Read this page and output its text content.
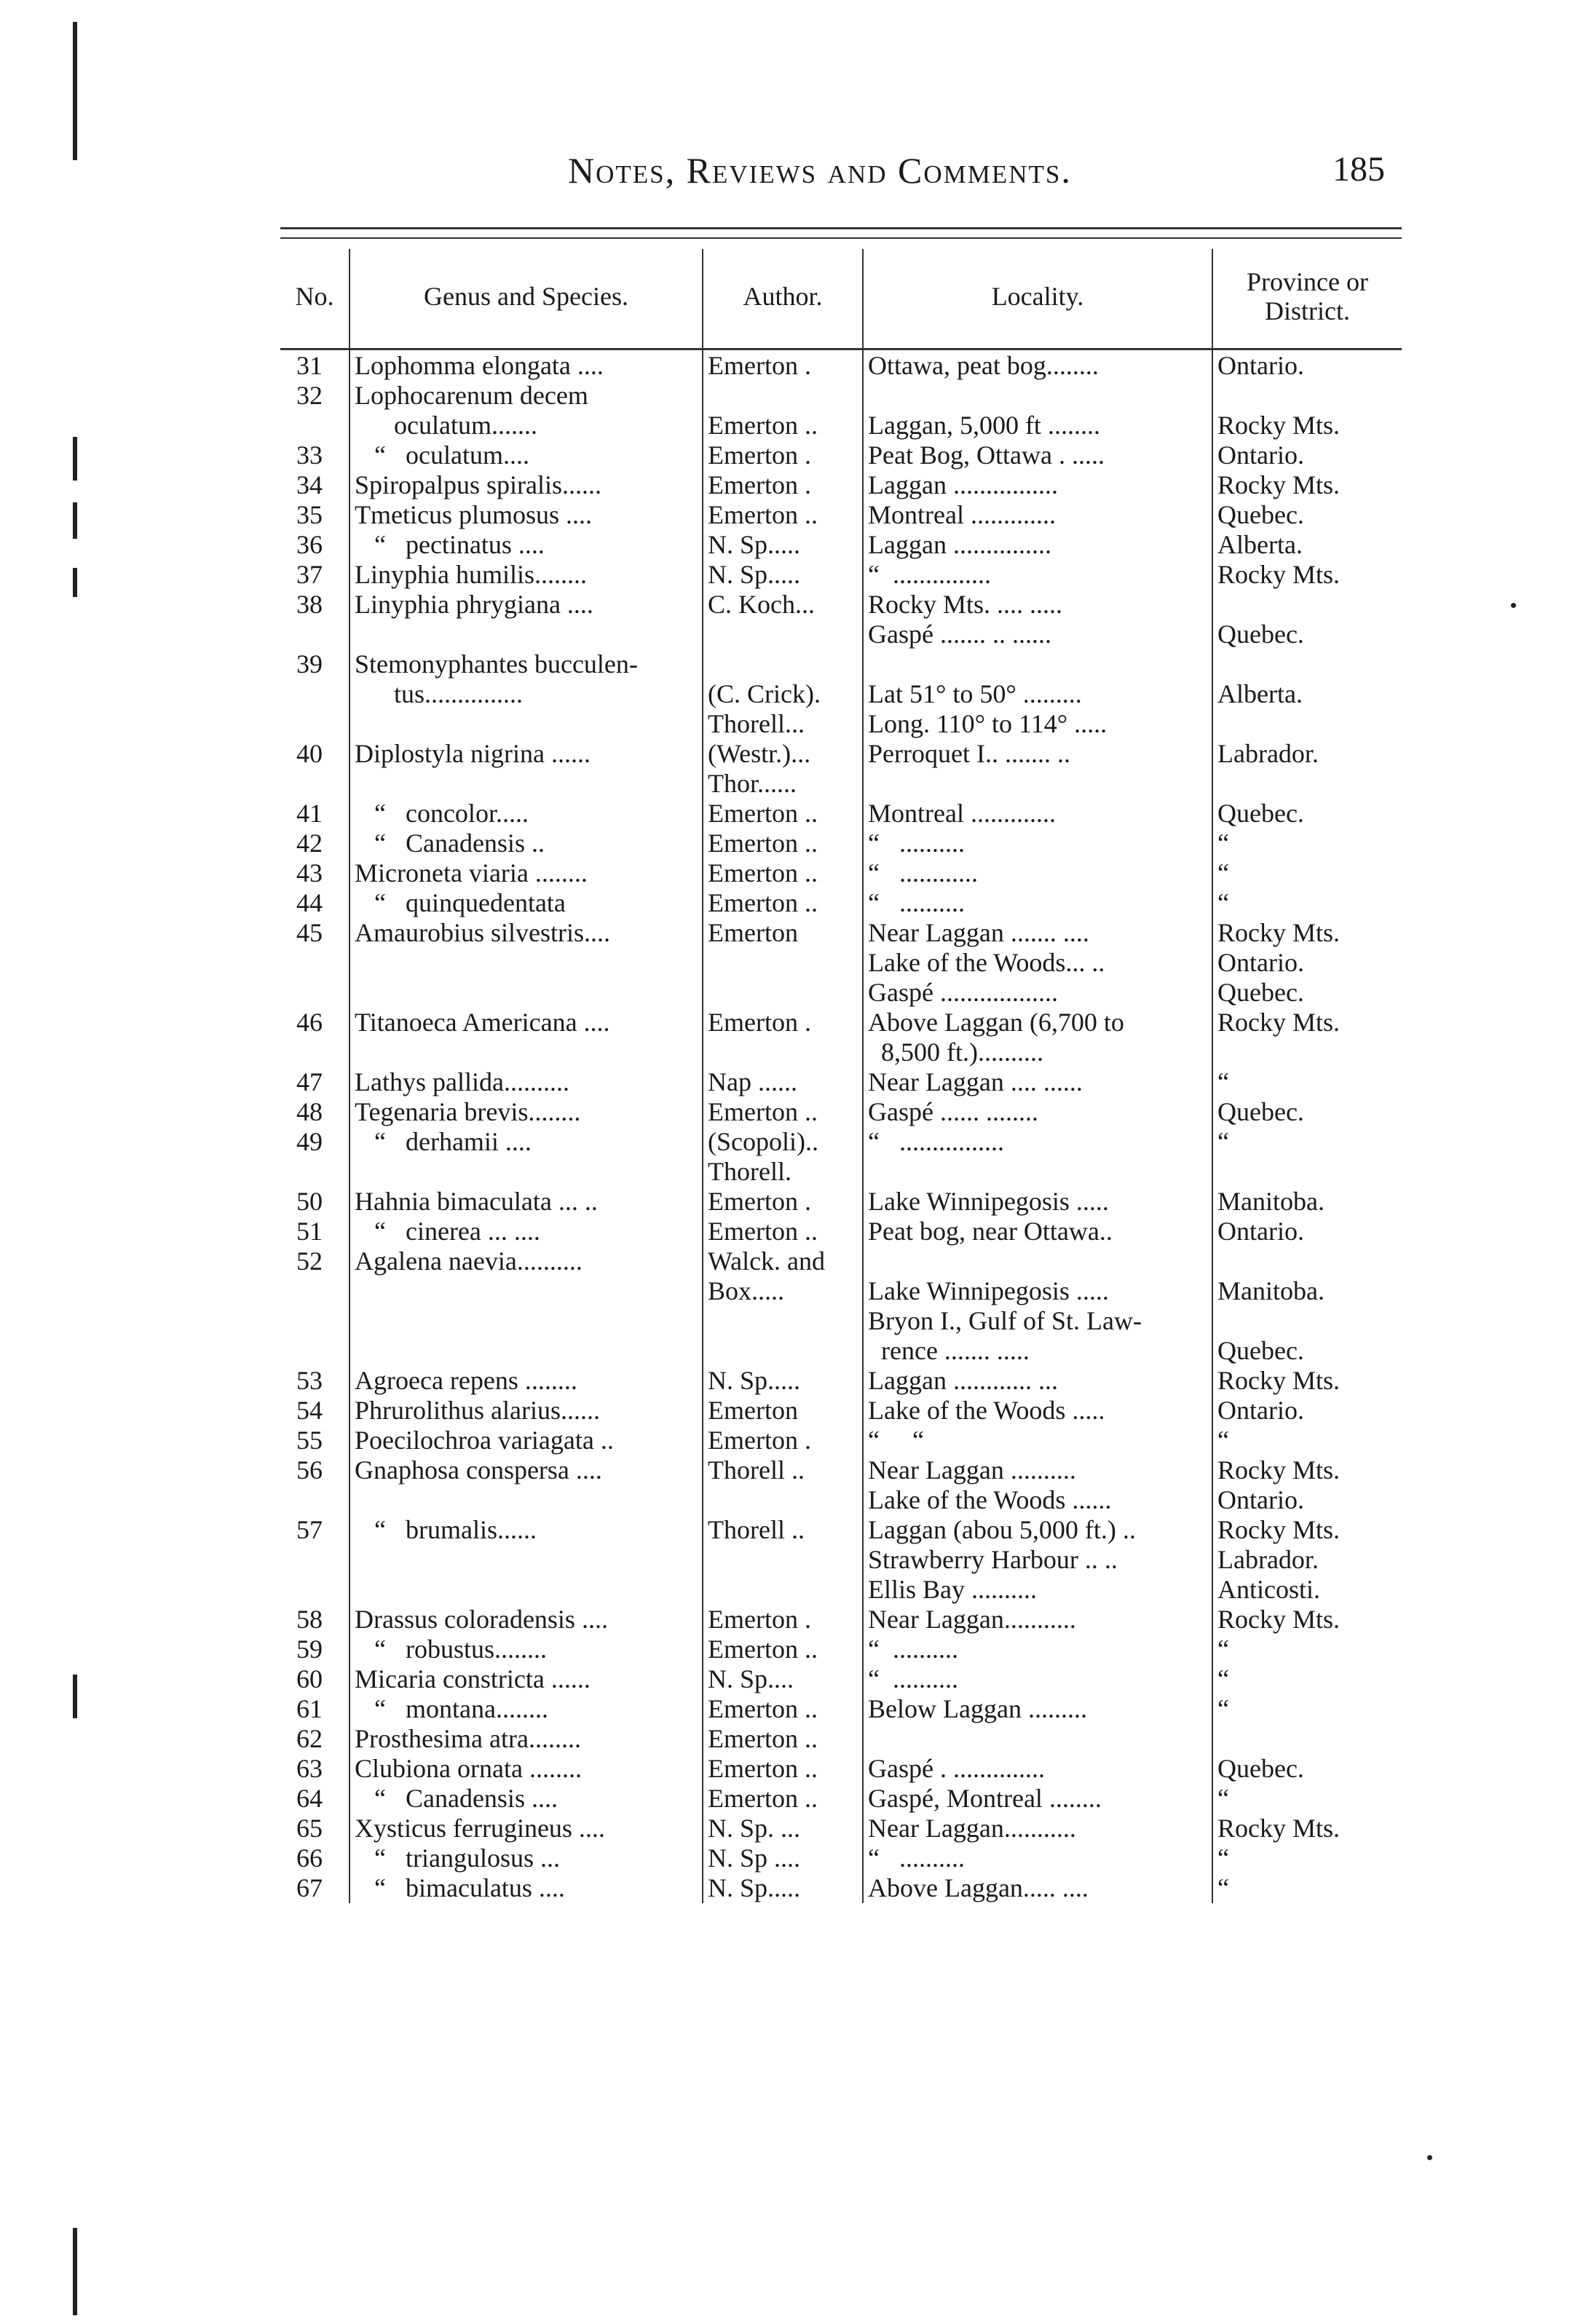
Notes, Reviews and Comments.	185
No.	Genus and Species.	Author.	Locality.	Province or District.
31	Lophomma elongata ....	Emerton .	Ottawa, peat bog........	Ontario.
32	Lophocarenum decem			
	oculatum.......	Emerton ..	Laggan, 5,000 ft ........	Rocky Mts.
33	“   oculatum....	Emerton .	Peat Bog, Ottawa . .....	Ontario.
34	Spiropalpus spiralis......	Emerton .	Laggan ................	Rocky Mts.
35	Tmeticus plumosus ....	Emerton ..	Montreal .............	Quebec.
36	“   pectinatus ....	N. Sp.....	Laggan ...............	Alberta.
37	Linyphia humilis........	N. Sp.....	“  ...............	Rocky Mts.
38	Linyphia phrygiana ....	C. Koch...	Rocky Mts. .... .....	
			Gaspé ....... .. ......	Quebec.
39	Stemonyphantes bucculen-			
	tus...............	(C. Crick).	Lat 51° to 50° .........	Alberta.
		Thorell...	Long. 110° to 114° .....	
40	Diplostyla nigrina ......	(Westr.)...	Perroquet I.. ....... ..	Labrador.
		Thor......		
41	“   concolor.....	Emerton ..	Montreal .............	Quebec.
42	“   Canadensis ..	Emerton ..	“   ..........	“
43	Microneta viaria ........	Emerton ..	“   ............	“
44	“   quinquedentata	Emerton ..	“   ..........	“
45	Amaurobius silvestris....	Emerton	Near Laggan ....... ....	Rocky Mts.
			Lake of the Woods... ..	Ontario.
			Gaspé ..................	Quebec.
46	Titanoeca Americana ....	Emerton .	Above Laggan (6,700 to	Rocky Mts.
			8,500 ft.)..........	
47	Lathys pallida..........	Nap ......	Near Laggan .... ......	“
48	Tegenaria brevis........	Emerton ..	Gaspé ...... ........	Quebec.
49	“   derhamii ....	(Scopoli)..	“   ................	“
		Thorell.		
50	Hahnia bimaculata ... ..	Emerton .	Lake Winnipegosis .....	Manitoba.
51	“   cinerea ... ....	Emerton ..	Peat bog, near Ottawa..	Ontario.
52	Agalena naevia..........	Walck. and		
		Box.....	Lake Winnipegosis .....	Manitoba.
			Bryon I., Gulf of St. Law-	
			rence ....... .....	Quebec.
53	Agroeca repens ........	N. Sp.....	Laggan ............ ...	Rocky Mts.
54	Phrurolithus alarius......	Emerton	Lake of the Woods .....	Ontario.
55	Poecilochroa variagata ..	Emerton .	“     “	“
56	Gnaphosa conspersa ....	Thorell ..	Near Laggan ..........	Rocky Mts.
			Lake of the Woods ......	Ontario.
57	“   brumalis......	Thorell ..	Laggan (abou 5,000 ft.) ..	Rocky Mts.
			Strawberry Harbour .. ..	Labrador.
			Ellis Bay ..........	Anticosti.
58	Drassus coloradensis ....	Emerton .	Near Laggan...........	Rocky Mts.
59	“   robustus........	Emerton ..	“  ..........	“
60	Micaria constricta ......	N. Sp....	“  ..........	“
61	“   montana........	Emerton ..	Below Laggan .........	“
62	Prosthesima atra........	Emerton ..		
63	Clubiona ornata ........	Emerton ..	Gaspé . ..............	Quebec.
64	“   Canadensis ....	Emerton ..	Gaspé, Montreal ........	“
65	Xysticus ferrugineus ....	N. Sp. ...	Near Laggan...........	Rocky Mts.
66	“   triangulosus ...	N. Sp ....	“   ..........	“
67	“   bimaculatus ....	N. Sp.....	Above Laggan..... ....	“
